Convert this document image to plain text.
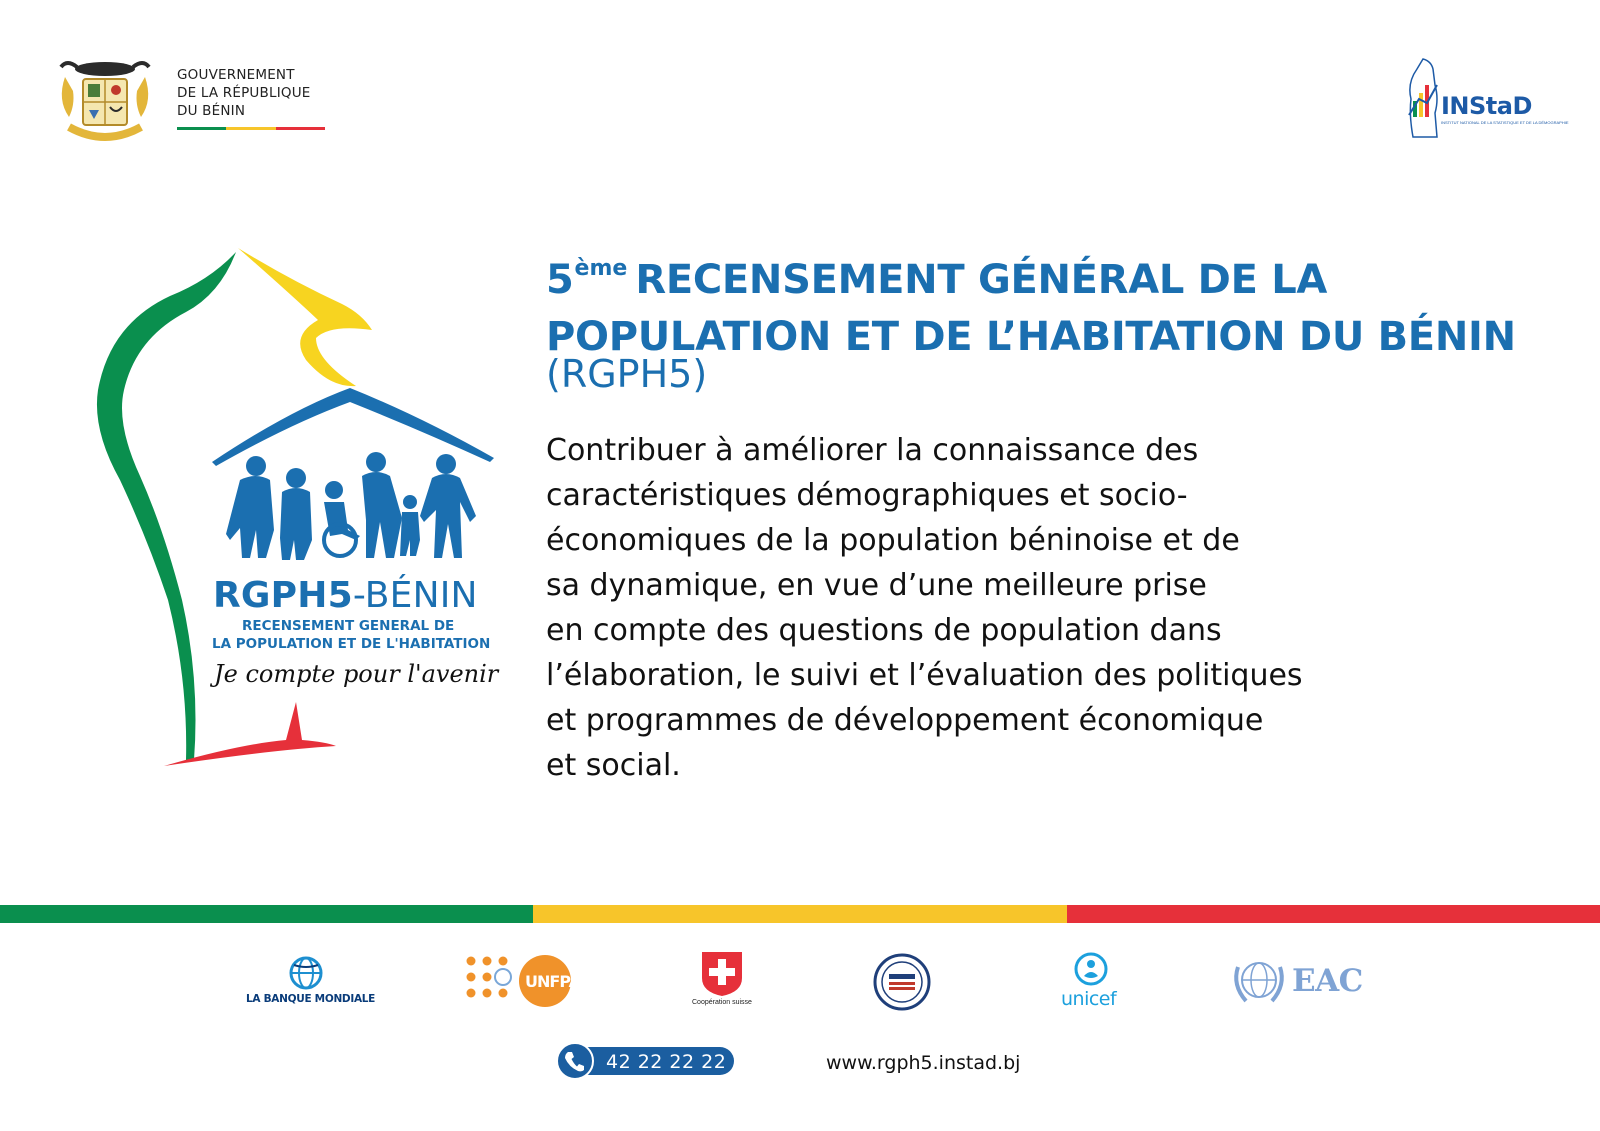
GOUVERNEMENT
DE LA RÉPUBLIQUE
DU BÉNIN	INStaD
INSTITUT NATIONAL DE LA STATISTIQUE ET DE LA DÉMOGRAPHIE
RGPH5-BÉNIN
RECENSEMENT GENERAL DE
LA POPULATION ET DE L'HABITATION
Je compte pour l'avenir
5ème RECENSEMENT GÉNÉRAL DE LA
POPULATION ET DE L’HABITATION DU BÉNIN
(RGPH5)
Contribuer à améliorer la connaissance des
caractéristiques démographiques et socio-
économiques de la population béninoise et de
sa dynamique, en vue d’une meilleure prise
en compte des questions de population dans
l’élaboration, le suivi et l’évaluation des politiques
et programmes de développement économique
et social.
LA BANQUE MONDIALE
UNFPA
Coopération suisse	unicef	EAC
42 22 22 22	www.rgph5.instad.bj
